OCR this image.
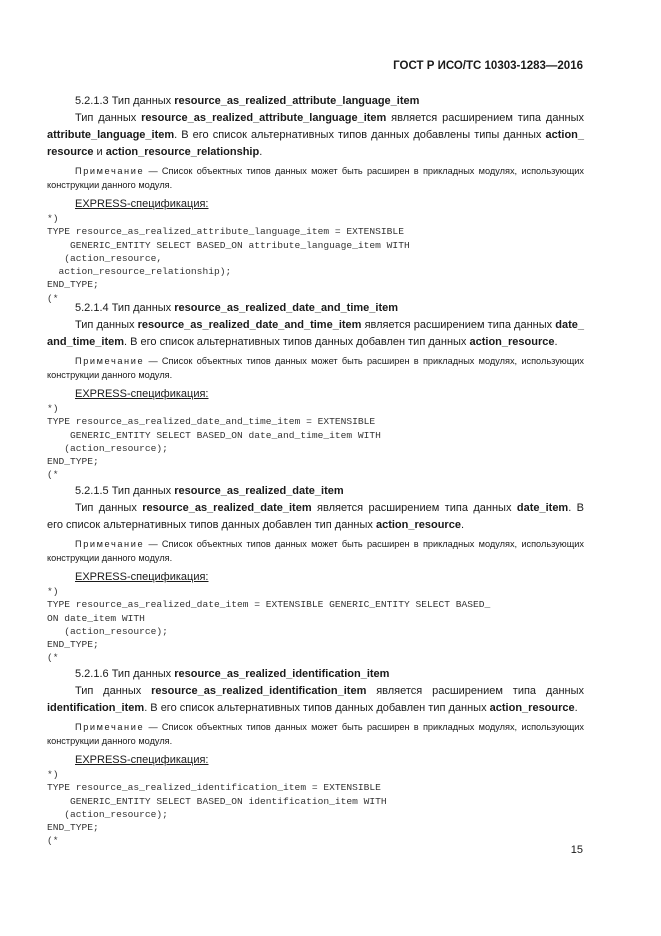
ГОСТ Р ИСО/ТС 10303-1283—2016

5.2.1.3 Тип данных resource_as_realized_attribute_language_item

Тип данных resource_as_realized_attribute_language_item является расширением типа данных attribute_language_item. В его список альтернативных типов данных добавлены типы данных action_ resource и action_resource_relationship.

Примечание — Список объектных типов данных может быть расширен в прикладных модулях, использующих конструкции данного модуля.

EXPRESS-спецификация:
*)
TYPE resource_as_realized_attribute_language_item = EXTENSIBLE
GENERIC_ENTITY SELECT BASED_ON attribute_language_item WITH
(action_resource,
action_resource_relationship);
END_TYPE;
(*

5.2.1.4 Тип данных resource_as_realized_date_and_time_item

Тип данных resource_as_realized_date_and_time_item является расширением типа данных date_ and_time_item. В его список альтернативных типов данных добавлен тип данных action_resource.

Примечание — Список объектных типов данных может быть расширен в прикладных модулях, использующих конструкции данного модуля.

EXPRESS-спецификация:
*)
TYPE resource_as_realized_date_and_time_item = EXTENSIBLE
GENERIC_ENTITY SELECT BASED_ON date_and_time_item WITH
(action_resource);
END_TYPE;
(*

5.2.1.5 Тип данных resource_as_realized_date_item

Тип данных resource_as_realized_date_item является расширением типа данных date_item. В его список альтернативных типов данных добавлен тип данных action_resource.

Примечание — Список объектных типов данных может быть расширен в прикладных модулях, использующих конструкции данного модуля.

EXPRESS-спецификация:
*)
TYPE resource_as_realized_date_item = EXTENSIBLE GENERIC_ENTITY SELECT BASED_
ON date_item WITH
(action_resource);
END_TYPE;
(*

5.2.1.6 Тип данных resource_as_realized_identification_item

Тип данных resource_as_realized_identification_item является расширением типа данных identification_item. В его список альтернативных типов данных добавлен тип данных action_resource.

Примечание — Список объектных типов данных может быть расширен в прикладных модулях, использующих конструкции данного модуля.

EXPRESS-спецификация:
*)
TYPE resource_as_realized_identification_item = EXTENSIBLE
GENERIC_ENTITY SELECT BASED_ON identification_item WITH
(action_resource);
END_TYPE;
(*
15
